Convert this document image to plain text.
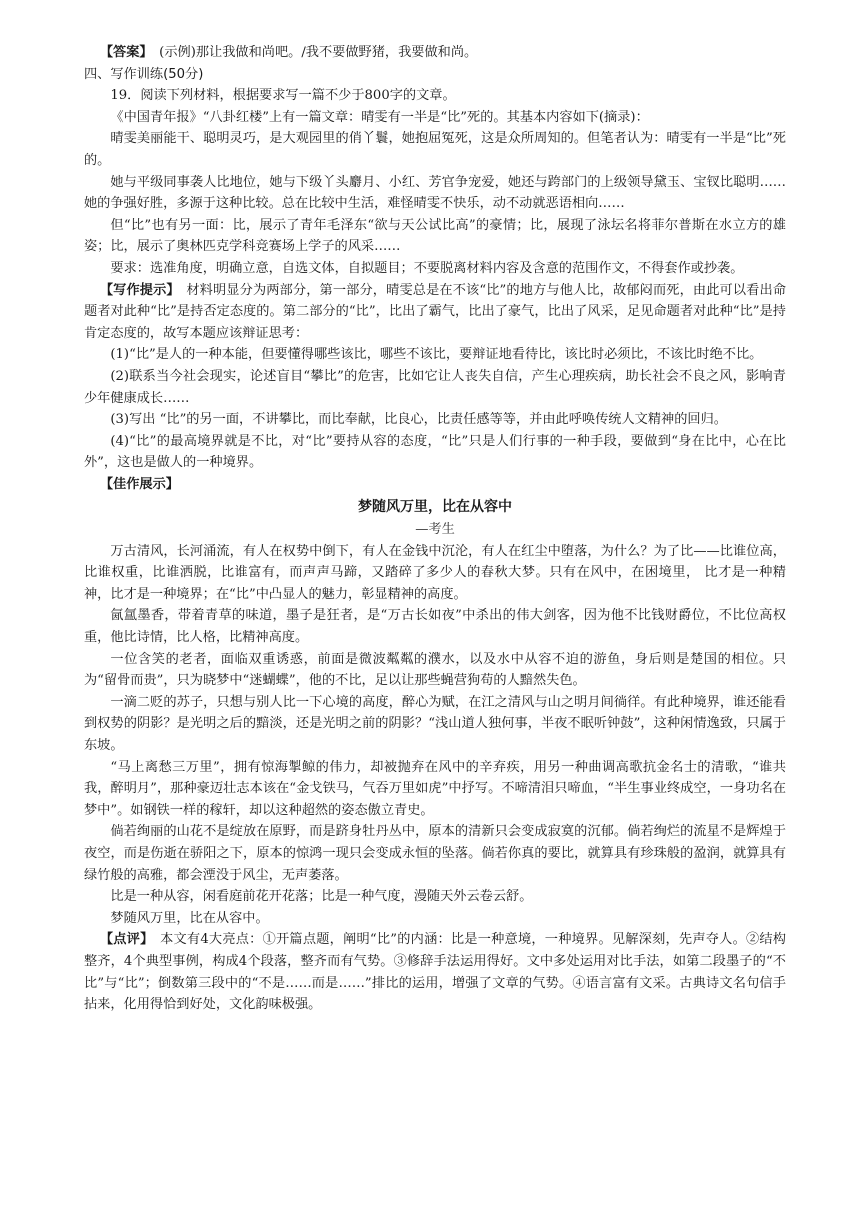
【答案】 (示例)那让我做和尚吧。/我不要做野猪，我要做和尚。

四、写作训练(50分)

19．阅读下列材料，根据要求写一篇不少于800字的文章。

《中国青年报》“八卦红楼”上有一篇文章：晴雯有一半是“比”死的。其基本内容如下(摘录)：

晴雯美丽能干、聪明灵巧，是大观园里的俏丫鬟，她抱屈冤死，这是众所周知的。但笔者认为：晴雯有一半是“比”死的。

她与平级同事袭人比地位，她与下级丫头麝月、小红、芳官争宠爱，她还与跨部门的上级领导黛玉、宝钗比聪明……她的争强好胜，多源于这种比较。总在比较中生活，难怪晴雯不快乐，动不动就恶语相向……

但“比”也有另一面：比，展示了青年毛泽东“欲与天公试比高”的豪情；比，展现了泳坛名将菲尔普斯在水立方的雄姿；比，展示了奥林匹克学科竞赛场上学子的风采……

要求：选准角度，明确立意，自选文体，自拟题目；不要脱离材料内容及含意的范围作文，不得套作或抄袭。

【写作提示】 材料明显分为两部分，第一部分，晴雯总是在不该“比”的地方与他人比，故郁闷而死，由此可以看出命题者对此种“比”是持否定态度的。第二部分的“比”，比出了霸气，比出了豪气，比出了风采，足见命题者对此种“比”是持肯定态度的，故写本题应该辩证思考：

(1)“比”是人的一种本能，但要懂得哪些该比，哪些不该比，要辩证地看待比，该比时必须比，不该比时绝不比。

(2)联系当今社会现实，论述盲目“攀比”的危害，比如它让人丧失自信，产生心理疾病，助长社会不良之风，影响青少年健康成长……

(3)写出 “比”的另一面，不讲攀比，而比奉献，比良心，比责任感等等，并由此呼唤传统人文精神的回归。

(4)“比”的最高境界就是不比，对“比”要持从容的态度，“比”只是人们行事的一种手段，要做到“身在比中，心在比外”，这也是做人的一种境界。

【佳作展示】

梦随风万里，比在从容中

—考生

万古清风，长河涌流，有人在权势中倒下，有人在金钱中沉沦，有人在红尘中堕落，为什么？为了比——比谁位高，比谁权重，比谁洒脱，比谁富有，而声声马蹄，又踏碎了多少人的春秋大梦。只有在风中，在困境里， 比才是一种精神，比才是一种境界；在“比”中凸显人的魅力，彰显精神的高度。

氤氲墨香，带着青草的味道，墨子是狂者，是“万古长如夜”中杀出的伟大剑客，因为他不比钱财爵位，不比位高权重，他比诗情，比人格，比精神高度。

一位含笑的老者，面临双重诱惑，前面是微波粼粼的濮水，以及水中从容不迫的游鱼，身后则是楚国的相位。只为“留骨而贵”，只为晓梦中“迷蝴蝶”，他的不比，足以让那些蝇营狗苟的人黯然失色。

一滴二贬的苏子，只想与别人比一下心境的高度，醉心为赋，在江之清风与山之明月间徜徉。有此种境界，谁还能看到权势的阴影？是光明之后的黯淡，还是光明之前的阴影？“浅山道人独何事，半夜不眠听钟鼓”，这种闲情逸致，只属于东坡。

“马上离愁三万里”，拥有惊海掣鲸的伟力，却被抛弃在风中的辛弃疾，用另一种曲调高歌抗金名士的清歌，“谁共我，醉明月”，那种豪迈壮志本该在“金戈铁马，气吞万里如虎”中抒写。不啼清泪只啼血，“半生事业终成空，一身功名在梦中”。如钢铁一样的稼轩，却以这种超然的姿态傲立青史。

倘若绚丽的山花不是绽放在原野，而是跻身牡丹丛中，原本的清新只会变成寂寞的沉郁。倘若绚烂的流星不是辉煌于夜空，而是伤逝在骄阳之下，原本的惊鸿一现只会变成永恒的坠落。倘若你真的要比，就算具有珍珠般的盈润，就算具有绿竹般的高雅，都会湮没于风尘，无声萎落。

比是一种从容，闲看庭前花开花落；比是一种气度，漫随天外云卷云舒。

梦随风万里，比在从容中。

【点评】 本文有4大亮点：①开篇点题，阐明“比”的内涵：比是一种意境，一种境界。见解深刻，先声夺人。②结构整齐，4个典型事例，构成4个段落，整齐而有气势。③修辞手法运用得好。文中多处运用对比手法，如第二段墨子的“不比”与“比”；倒数第三段中的“不是……而是……”排比的运用，增强了文章的气势。④语言富有文采。古典诗文名句信手拈来，化用得恰到好处，文化韵味极强。
